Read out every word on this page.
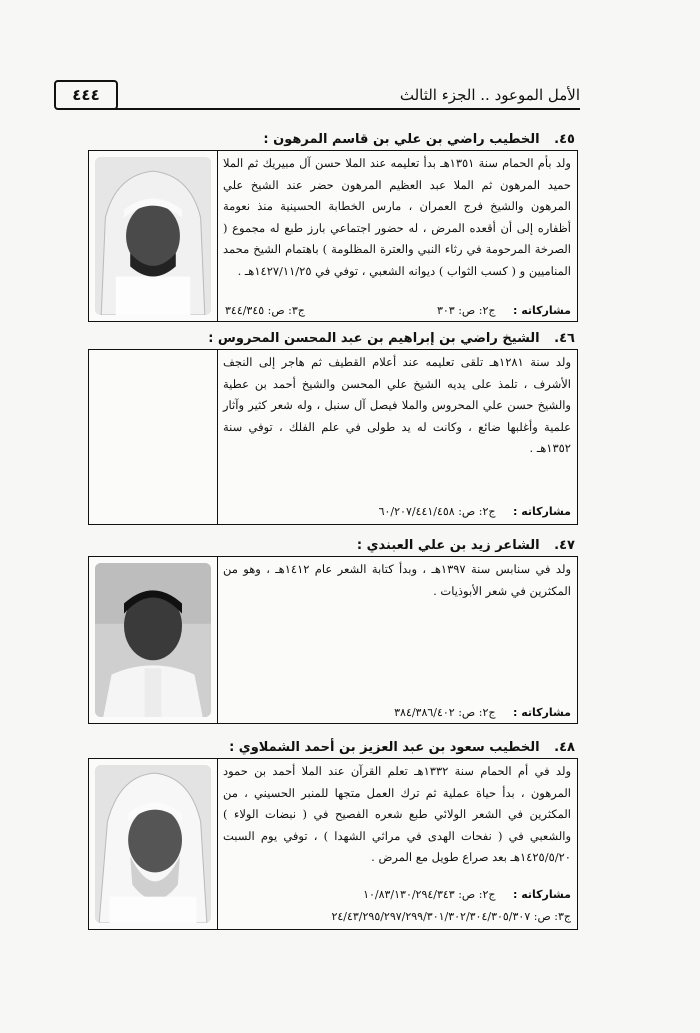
٤٤٤	الأمل الموعود .. الجزء الثالث
٤٥. الخطيب راضي بن علي بن قاسم المرهون :
ولد بأم الحمام سنة ١٣٥١هـ بدأ تعليمه عند الملا حسن آل مبيريك ثم الملا حميد المرهون ثم الملا عبد العظيم المرهون حضر عند الشيخ علي المرهون والشيخ فرج العمران ، مارس الخطابة الحسينية منذ نعومة أظفاره إلى أن أقعده المرض ، له حضور اجتماعي بارز طبع له مجموع ( الصرخة المرحومة في رثاء النبي والعترة المظلومة ) باهتمام الشيخ محمد المناميين و ( كسب الثواب ) ديوانه الشعبي ، توفي في ١٤٢٧/١١/٢٥هـ .
مشاركاته : ج٢: ص: ٣٠٣
ج٣: ص: ٣٤٤/٣٤٥
٤٦. الشيخ راضي بن إبراهيم بن عبد المحسن المحروس :
ولد سنة ١٢٨١هـ تلقى تعليمه عند أعلام القطيف ثم هاجر إلى النجف الأشرف ، تلمذ على يديه الشيخ علي المحسن والشيخ أحمد بن عطية والشيخ حسن علي المحروس والملا فيصل آل سنبل ، وله شعر كثير وآثار علمية وأغلبها ضائع ، وكانت له يد طولى في علم الفلك ، توفي سنة ١٣٥٢هـ .
مشاركاته : ج٢: ص: ٦٠/٢٠٧/٤٤١/٤٥٨
٤٧. الشاعر زيد بن علي العبندي :
ولد في سنابس سنة ١٣٩٧هـ ، وبدأ كتابة الشعر عام ١٤١٢هـ ، وهو من المكثرين في شعر الأبوذيات .
مشاركاته : ج٢: ص: ٣٨٤/٣٨٦/٤٠٢
٤٨. الخطيب سعود بن عبد العزيز بن أحمد الشملاوي :
ولد في أم الحمام سنة ١٣٣٢هـ تعلم القرآن عند الملا أحمد بن حمود المرهون ، بدأ حياة عملية ثم ترك العمل متجها للمنبر الحسيني ، من المكثرين في الشعر الولائي طبع شعره الفصيح في ( نبضات الولاء ) والشعبي في ( نفحات الهدى في مراثي الشهدا ) ، توفي يوم السبت ١٤٢٥/٥/٢٠هـ بعد صراع طويل مع المرض .
مشاركاته : ج٢: ص: ١٠/٨٣/١٣٠/٢٩٤/٣٤٣
ج٣: ص: ٢٤/٤٣/٢٩٥/٢٩٧/٢٩٩/٣٠١/٣٠٢/٣٠٤/٣٠٥/٣٠٧
